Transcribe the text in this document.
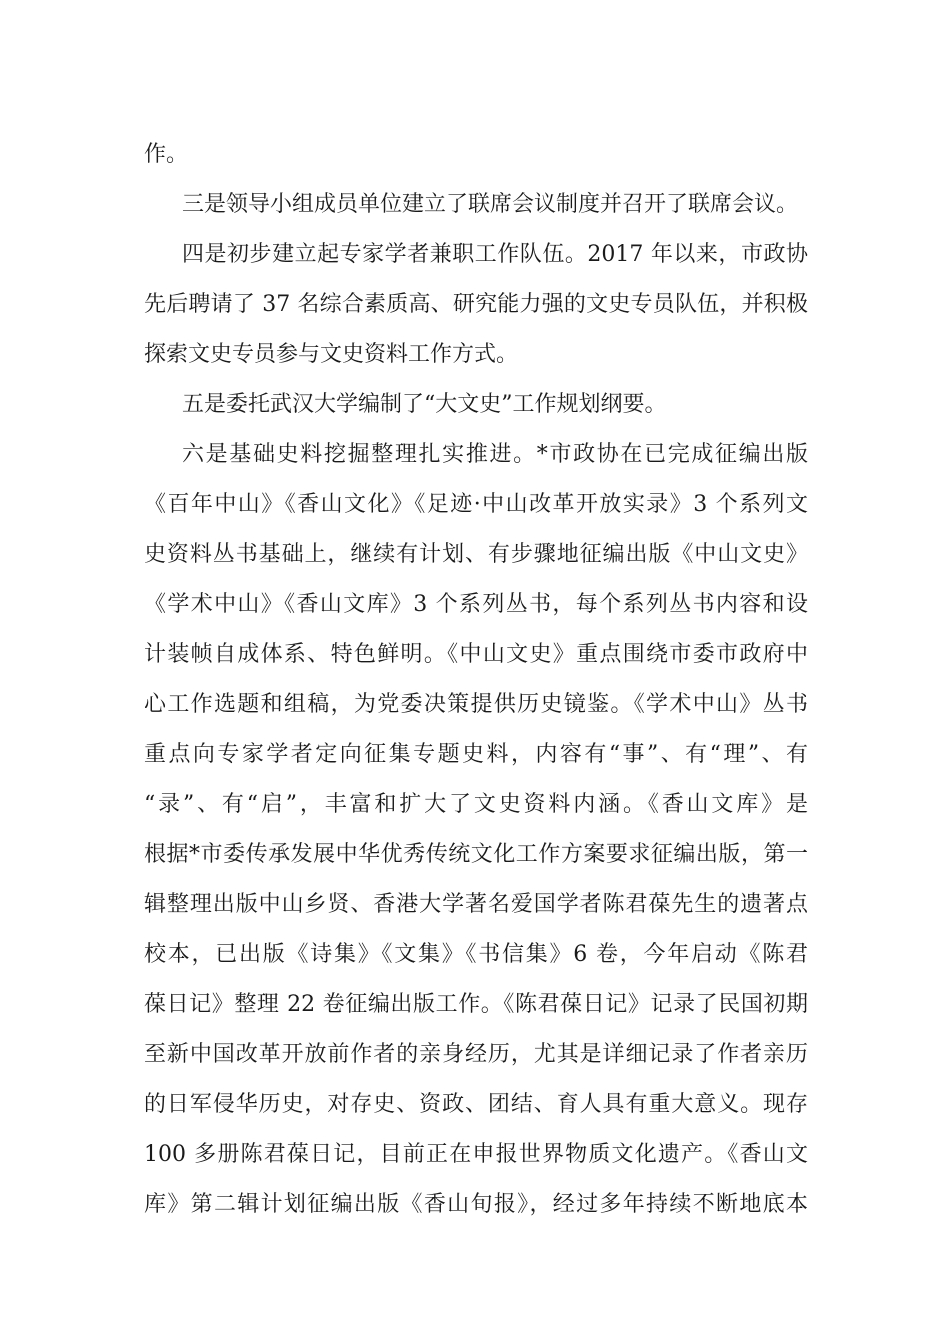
作。
三是领导小组成员单位建立了联席会议制度并召开了联席会议。
四是初步建立起专家学者兼职工作队伍。2017 年以来，市政协
先后聘请了 37 名综合素质高、研究能力强的文史专员队伍，并积极
探索文史专员参与文史资料工作方式。
五是委托武汉大学编制了“大文史”工作规划纲要。
六是基础史料挖掘整理扎实推进。*市政协在已完成征编出版
《百年中山》《香山文化》《足迹·中山改革开放实录》3 个系列文
史资料丛书基础上，继续有计划、有步骤地征编出版《中山文史》
《学术中山》《香山文库》3 个系列丛书，每个系列丛书内容和设
计装帧自成体系、特色鲜明。《中山文史》重点围绕市委市政府中
心工作选题和组稿，为党委决策提供历史镜鉴。《学术中山》丛书
重点向专家学者定向征集专题史料，内容有“事”、有“理”、有
“录”、有“启”，丰富和扩大了文史资料内涵。《香山文库》是
根据*市委传承发展中华优秀传统文化工作方案要求征编出版，第一
辑整理出版中山乡贤、香港大学著名爱国学者陈君葆先生的遗著点
校本，已出版《诗集》《文集》《书信集》6 卷，今年启动《陈君
葆日记》整理 22 卷征编出版工作。《陈君葆日记》记录了民国初期
至新中国改革开放前作者的亲身经历，尤其是详细记录了作者亲历
的日军侵华历史，对存史、资政、团结、育人具有重大意义。现存
100 多册陈君葆日记，目前正在申报世界物质文化遗产。《香山文
库》第二辑计划征编出版《香山旬报》，经过多年持续不断地底本
